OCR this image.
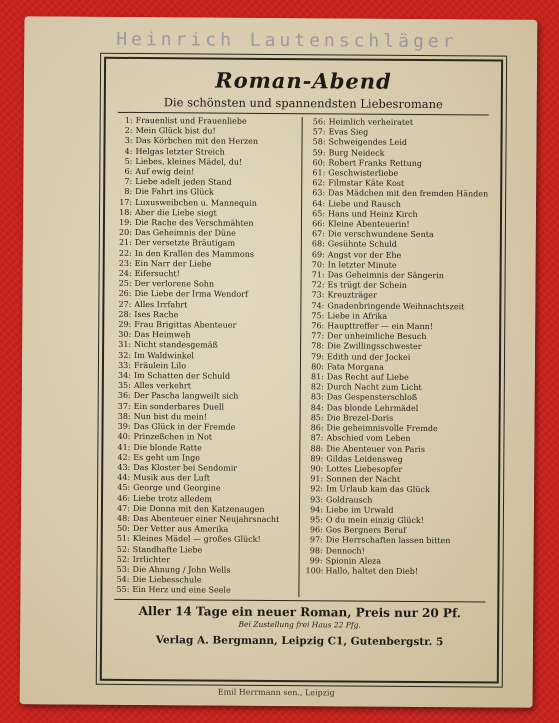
Heinrich Lautenschläger
Roman-Abend
Die schönsten und spannendsten Liebesromane
1: Frauenlist und Frauenliebe
2: Mein Glück bist du!
3: Das Körbchen mit den Herzen
4: Helgas letzter Streich
5: Liebes, kleines Mädel, du!
6: Auf ewig dein!
7: Liebe adelt jeden Stand
8: Die Fahrt ins Glück
17: Luxusweibchen u. Mannequin
18: Aber die Liebe siegt
19: Die Rache des Verschmähten
20: Das Geheimnis der Düne
21: Der versetzte Bräutigam
22: In den Krallen des Mammons
23: Ein Narr der Liebe
24: Eifersucht!
25: Der verlorene Sohn
26: Die Liebe der Irma Wendorf
27: Alles Irrfahrt
28: Ises Rache
29: Frau Brigittas Abenteuer
30: Das Heimweh
31: Nicht standesgemäß
32: Im Waldwinkel
33: Fräulein Lilo
34: Im Schatten der Schuld
35: Alles verkehrt
36: Der Pascha langweilt sich
37: Ein sonderbares Duell
38: Nun bist du mein!
39: Das Glück in der Fremde
40: Prinzeßchen in Not
41: Die blonde Ratte
42: Es geht um Inge
43: Das Kloster bei Sendomir
44: Musik aus der Luft
45: George und Georgine
46: Liebe trotz alledem
47: Die Donna mit den Katzenaugen
48: Das Abenteuer einer Neujahrsnacht
50: Der Vetter aus Amerika
51: Kleines Mädel — großes Glück!
52: Standhafte Liebe
52: Irrlichter
53: Die Ahnung / John Wells
54: Die Liebesschule
55: Ein Herz und eine Seele
56: Heimlich verheiratet
57: Evas Sieg
58: Schweigendes Leid
59: Burg Neideck
60: Robert Franks Rettung
61: Geschwisterliebe
62: Filmstar Käte Kost
63: Das Mädchen mit den fremden Händen
64: Liebe und Rausch
65: Hans und Heinz Kirch
66: Kleine Abenteuerin!
67: Die verschwundene Senta
68: Gesühnte Schuld
69: Angst vor der Ehe
70: In letzter Minute
71: Das Geheimnis der Sängerin
72: Es trügt der Schein
73: Kreuzträger
74: Gnadenbringende Weihnachtszeit
75: Liebe in Afrika
76: Haupttreffer — ein Mann!
77: Der unheimliche Besuch
78: Die Zwillingsschwester
79: Edith und der Jockei
80: Fata Morgana
81: Das Recht auf Liebe
82: Durch Nacht zum Licht
83: Das Gespensterschloß
84: Das blonde Lehrmädel
85: Die Brezel-Doris
86: Die geheimnisvolle Fremde
87: Abschied vom Leben
88: Die Abenteuer von Paris
89: Gildas Leidensweg
90: Lottes Liebesopfer
91: Sonnen der Nacht
92: Im Urlaub kam das Glück
93: Goldrausch
94: Liebe im Urwald
95: O du mein einzig Glück!
96: Gos Bergners Beruf
97: Die Herrschaften lassen bitten
98: Dennoch!
99: Spionin Aleza
100: Hallo, haltet den Dieb!
Aller 14 Tage ein neuer Roman, Preis nur 20 Pf.
Bei Zustellung frei Haus 22 Pfg.
Verlag A. Bergmann, Leipzig C1, Gutenbergstr. 5
Emil Herrmann sen., Leipzig
